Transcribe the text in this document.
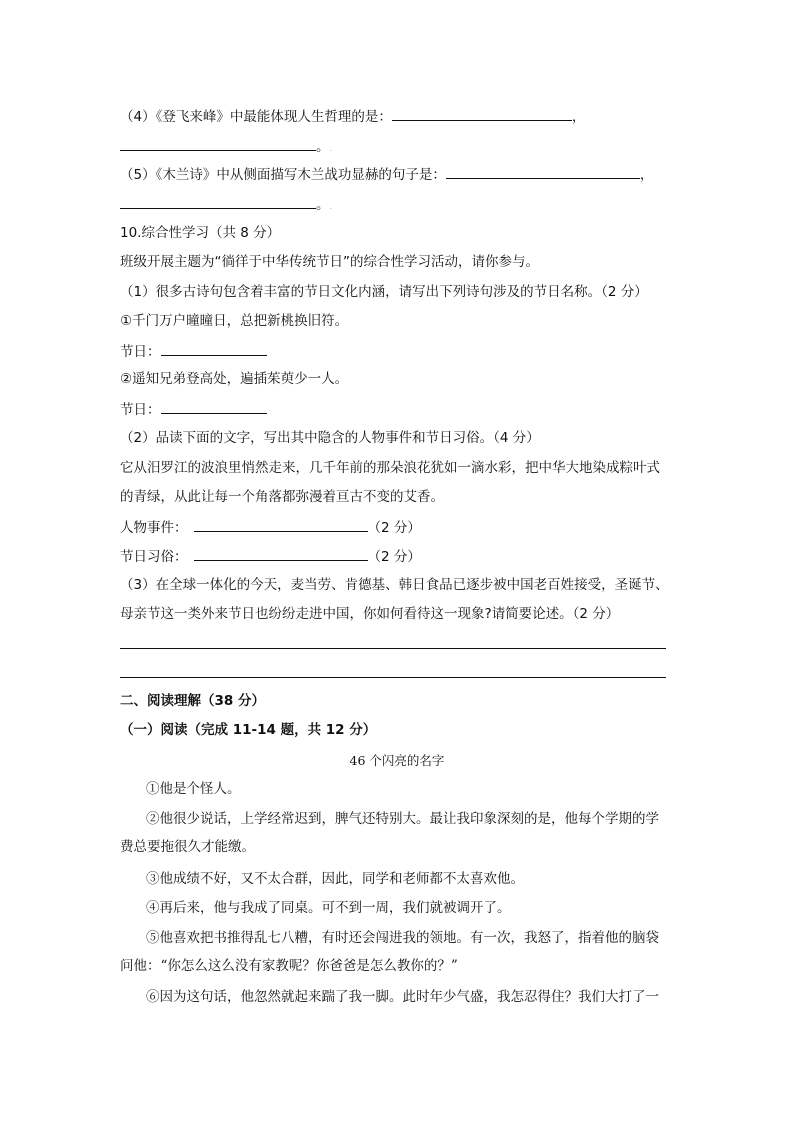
（4）《登飞来峰》中最能体现人生哲理的是：	，
。.
（5）《木兰诗》中从侧面描写木兰战功显赫的句子是：	，
。.
10.综合性学习（共 8 分）
班级开展主题为“徜徉于中华传统节日”的综合性学习活动，请你参与。
（1）很多古诗句包含着丰富的节日文化内涵，请写出下列诗句涉及的节日名称。（2 分）
①千门万户曈曈日，总把新桃换旧符。
节日：
②遥知兄弟登高处，遍插茱萸少一人。
节日：
（2）品读下面的文字，写出其中隐含的人物事件和节日习俗。（4 分）
它从汨罗江的波浪里悄然走来，几千年前的那朵浪花犹如一滴水彩，把中华大地染成粽叶式
的青绿，从此让每一个角落都弥漫着亘古不变的艾香。
人物事件：	（2 分）
节日习俗：	（2 分）
（3）在全球一体化的今天，麦当劳、肯德基、韩日食品已逐步被中国老百姓接受，圣诞节、
母亲节这一类外来节日也纷纷走进中国，你如何看待这一现象?请简要论述。（2 分）
二、阅读理解（38 分）
（一）阅读（完成 11-14 题，共 12 分）
46 个闪亮的名字
①他是个怪人。
②他很少说话，上学经常迟到，脾气还特别大。最让我印象深刻的是，他每个学期的学
费总要拖很久才能缴。
③他成绩不好，又不太合群，因此，同学和老师都不太喜欢他。
④再后来，他与我成了同桌。可不到一周，我们就被调开了。
⑤他喜欢把书推得乱七八糟，有时还会闯进我的领地。有一次，我怒了，指着他的脑袋
问他：“你怎么这么没有家教呢？你爸爸是怎么教你的？”
⑥因为这句话，他忽然就起来踹了我一脚。此时年少气盛，我怎忍得住？我们大打了一
